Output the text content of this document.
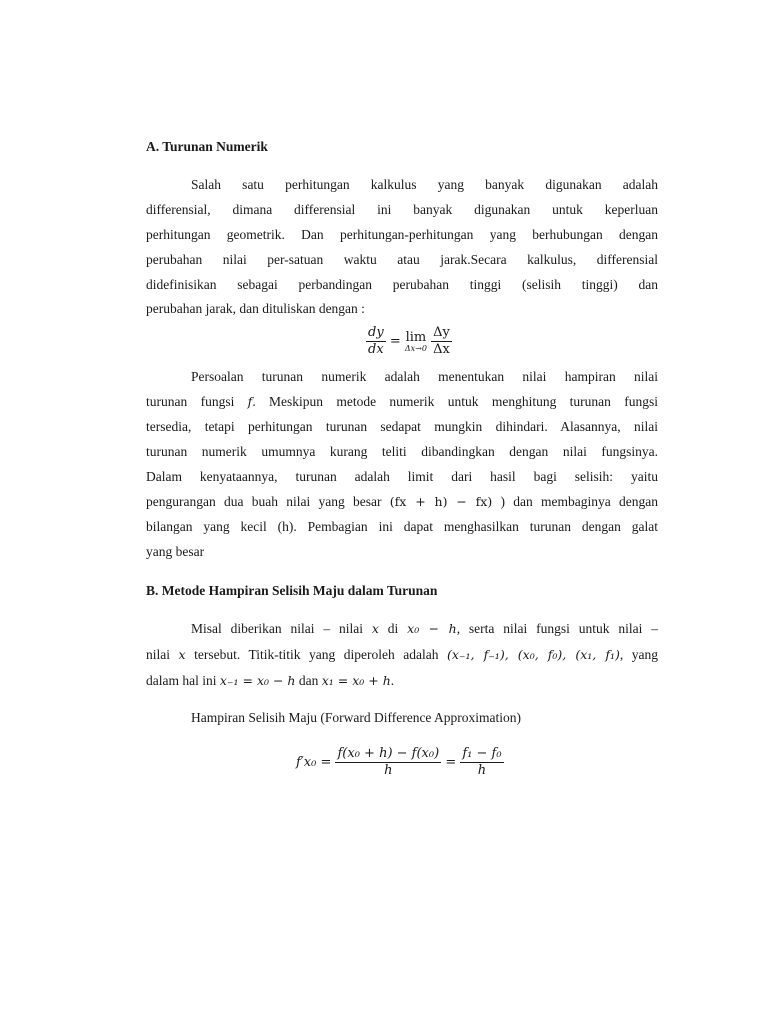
A. Turunan Numerik
Salah satu perhitungan kalkulus yang banyak digunakan adalah
differensial, dimana differensial ini banyak digunakan untuk keperluan
perhitungan geometrik. Dan perhitungan-perhitungan yang berhubungan dengan
perubahan nilai per-satuan waktu atau jarak.Secara kalkulus, differensial
didefinisikan sebagai perbandingan perubahan tinggi (selisih tinggi) dan
perubahan jarak, dan dituliskan dengan :
$\frac{dy}{dx} = \lim$
Δx→0
$\frac{\Delta y}{\Delta x}$
Persoalan turunan numerik adalah menentukan nilai hampiran nilai
turunan fungsi f. Meskipun metode numerik untuk menghitung turunan fungsi
tersedia, tetapi perhitungan turunan sedapat mungkin dihindari. Alasannya, nilai
turunan numerik umumnya kurang teliti dibandingkan dengan nilai fungsinya.
Dalam kenyataannya, turunan adalah limit dari hasil bagi selisih: yaitu
pengurangan dua buah nilai yang besar (fx + h) − fx) ) dan membaginya dengan
bilangan yang kecil (h). Pembagian ini dapat menghasilkan turunan dengan galat
yang besar
B. Metode Hampiran Selisih Maju dalam Turunan
Misal diberikan nilai – nilai x di x₀ − h, serta nilai fungsi untuk nilai –
nilai x tersebut. Titik-titik yang diperoleh adalah (x₋₁, f₋₁), (x₀, f₀), (x₁, f₁), yang
dalam hal ini x₋₁ = x₀ − h dan x₁ = x₀ + h.
Hampiran Selisih Maju (Forward Difference Approximation)
$f'x_0 = \frac{\text{f(x₀ + h) − f(x₀)}}{h} = \frac{\text{f₁ − f₀}}{h}$
